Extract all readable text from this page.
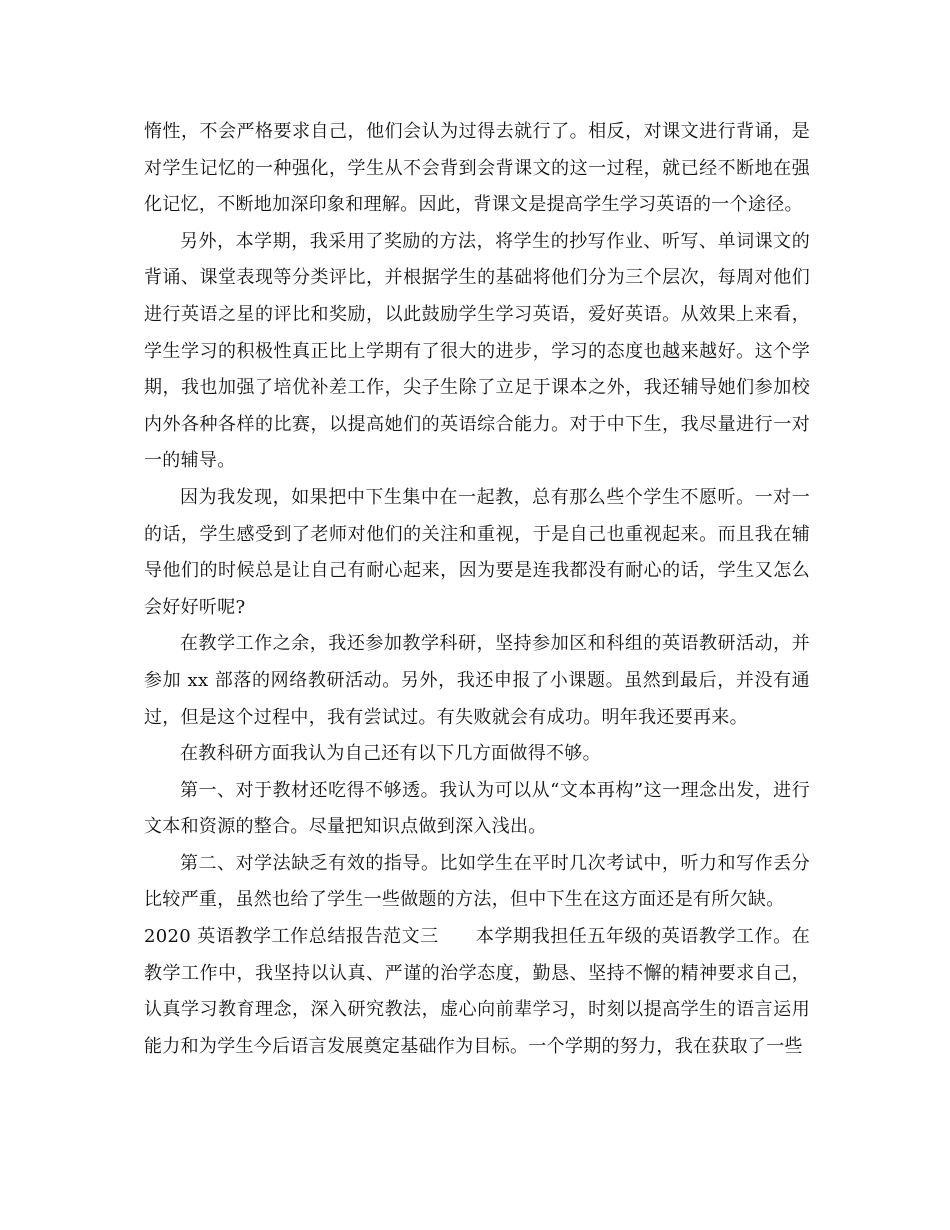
惰性，不会严格要求自己，他们会认为过得去就行了。相反，对课文进行背诵，是对学生记忆的一种强化，学生从不会背到会背课文的这一过程，就已经不断地在强化记忆，不断地加深印象和理解。因此，背课文是提高学生学习英语的一个途径。

另外，本学期，我采用了奖励的方法，将学生的抄写作业、听写、单词课文的背诵、课堂表现等分类评比，并根据学生的基础将他们分为三个层次，每周对他们进行英语之星的评比和奖励，以此鼓励学生学习英语，爱好英语。从效果上来看，学生学习的积极性真正比上学期有了很大的进步，学习的态度也越来越好。这个学期，我也加强了培优补差工作，尖子生除了立足于课本之外，我还辅导她们参加校内外各种各样的比赛，以提高她们的英语综合能力。对于中下生，我尽量进行一对一的辅导。

因为我发现，如果把中下生集中在一起教，总有那么些个学生不愿听。一对一的话，学生感受到了老师对他们的关注和重视，于是自己也重视起来。而且我在辅导他们的时候总是让自己有耐心起来，因为要是连我都没有耐心的话，学生又怎么会好好听呢?

在教学工作之余，我还参加教学科研，坚持参加区和科组的英语教研活动，并参加 xx 部落的网络教研活动。另外，我还申报了小课题。虽然到最后，并没有通过，但是这个过程中，我有尝试过。有失败就会有成功。明年我还要再来。

在教科研方面我认为自己还有以下几方面做得不够。

第一、对于教材还吃得不够透。我认为可以从“文本再构”这一理念出发，进行文本和资源的整合。尽量把知识点做到深入浅出。

第二、对学法缺乏有效的指导。比如学生在平时几次考试中，听力和写作丢分比较严重，虽然也给了学生一些做题的方法，但中下生在这方面还是有所欠缺。

2020 英语教学工作总结报告范文三　　本学期我担任五年级的英语教学工作。在教学工作中，我坚持以认真、严谨的治学态度，勤恳、坚持不懈的精神要求自己，认真学习教育理念，深入研究教法，虚心向前辈学习，时刻以提高学生的语言运用能力和为学生今后语言发展奠定基础作为目标。一个学期的努力，我在获取了一些
